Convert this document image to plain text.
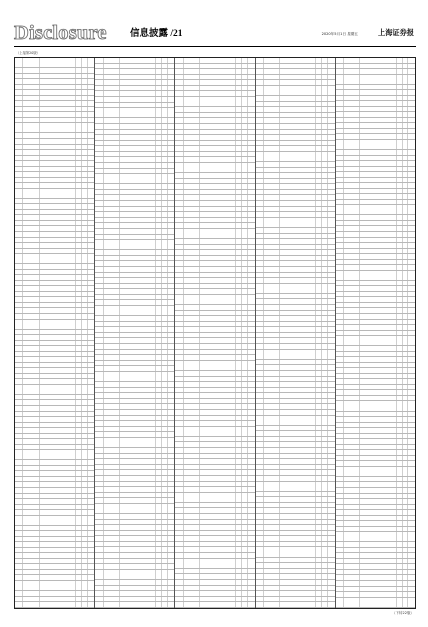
Disclosure	信息披露 /21	2020年5月1日 星期五	上海证券报
（上接第20版）
（下转22版）
